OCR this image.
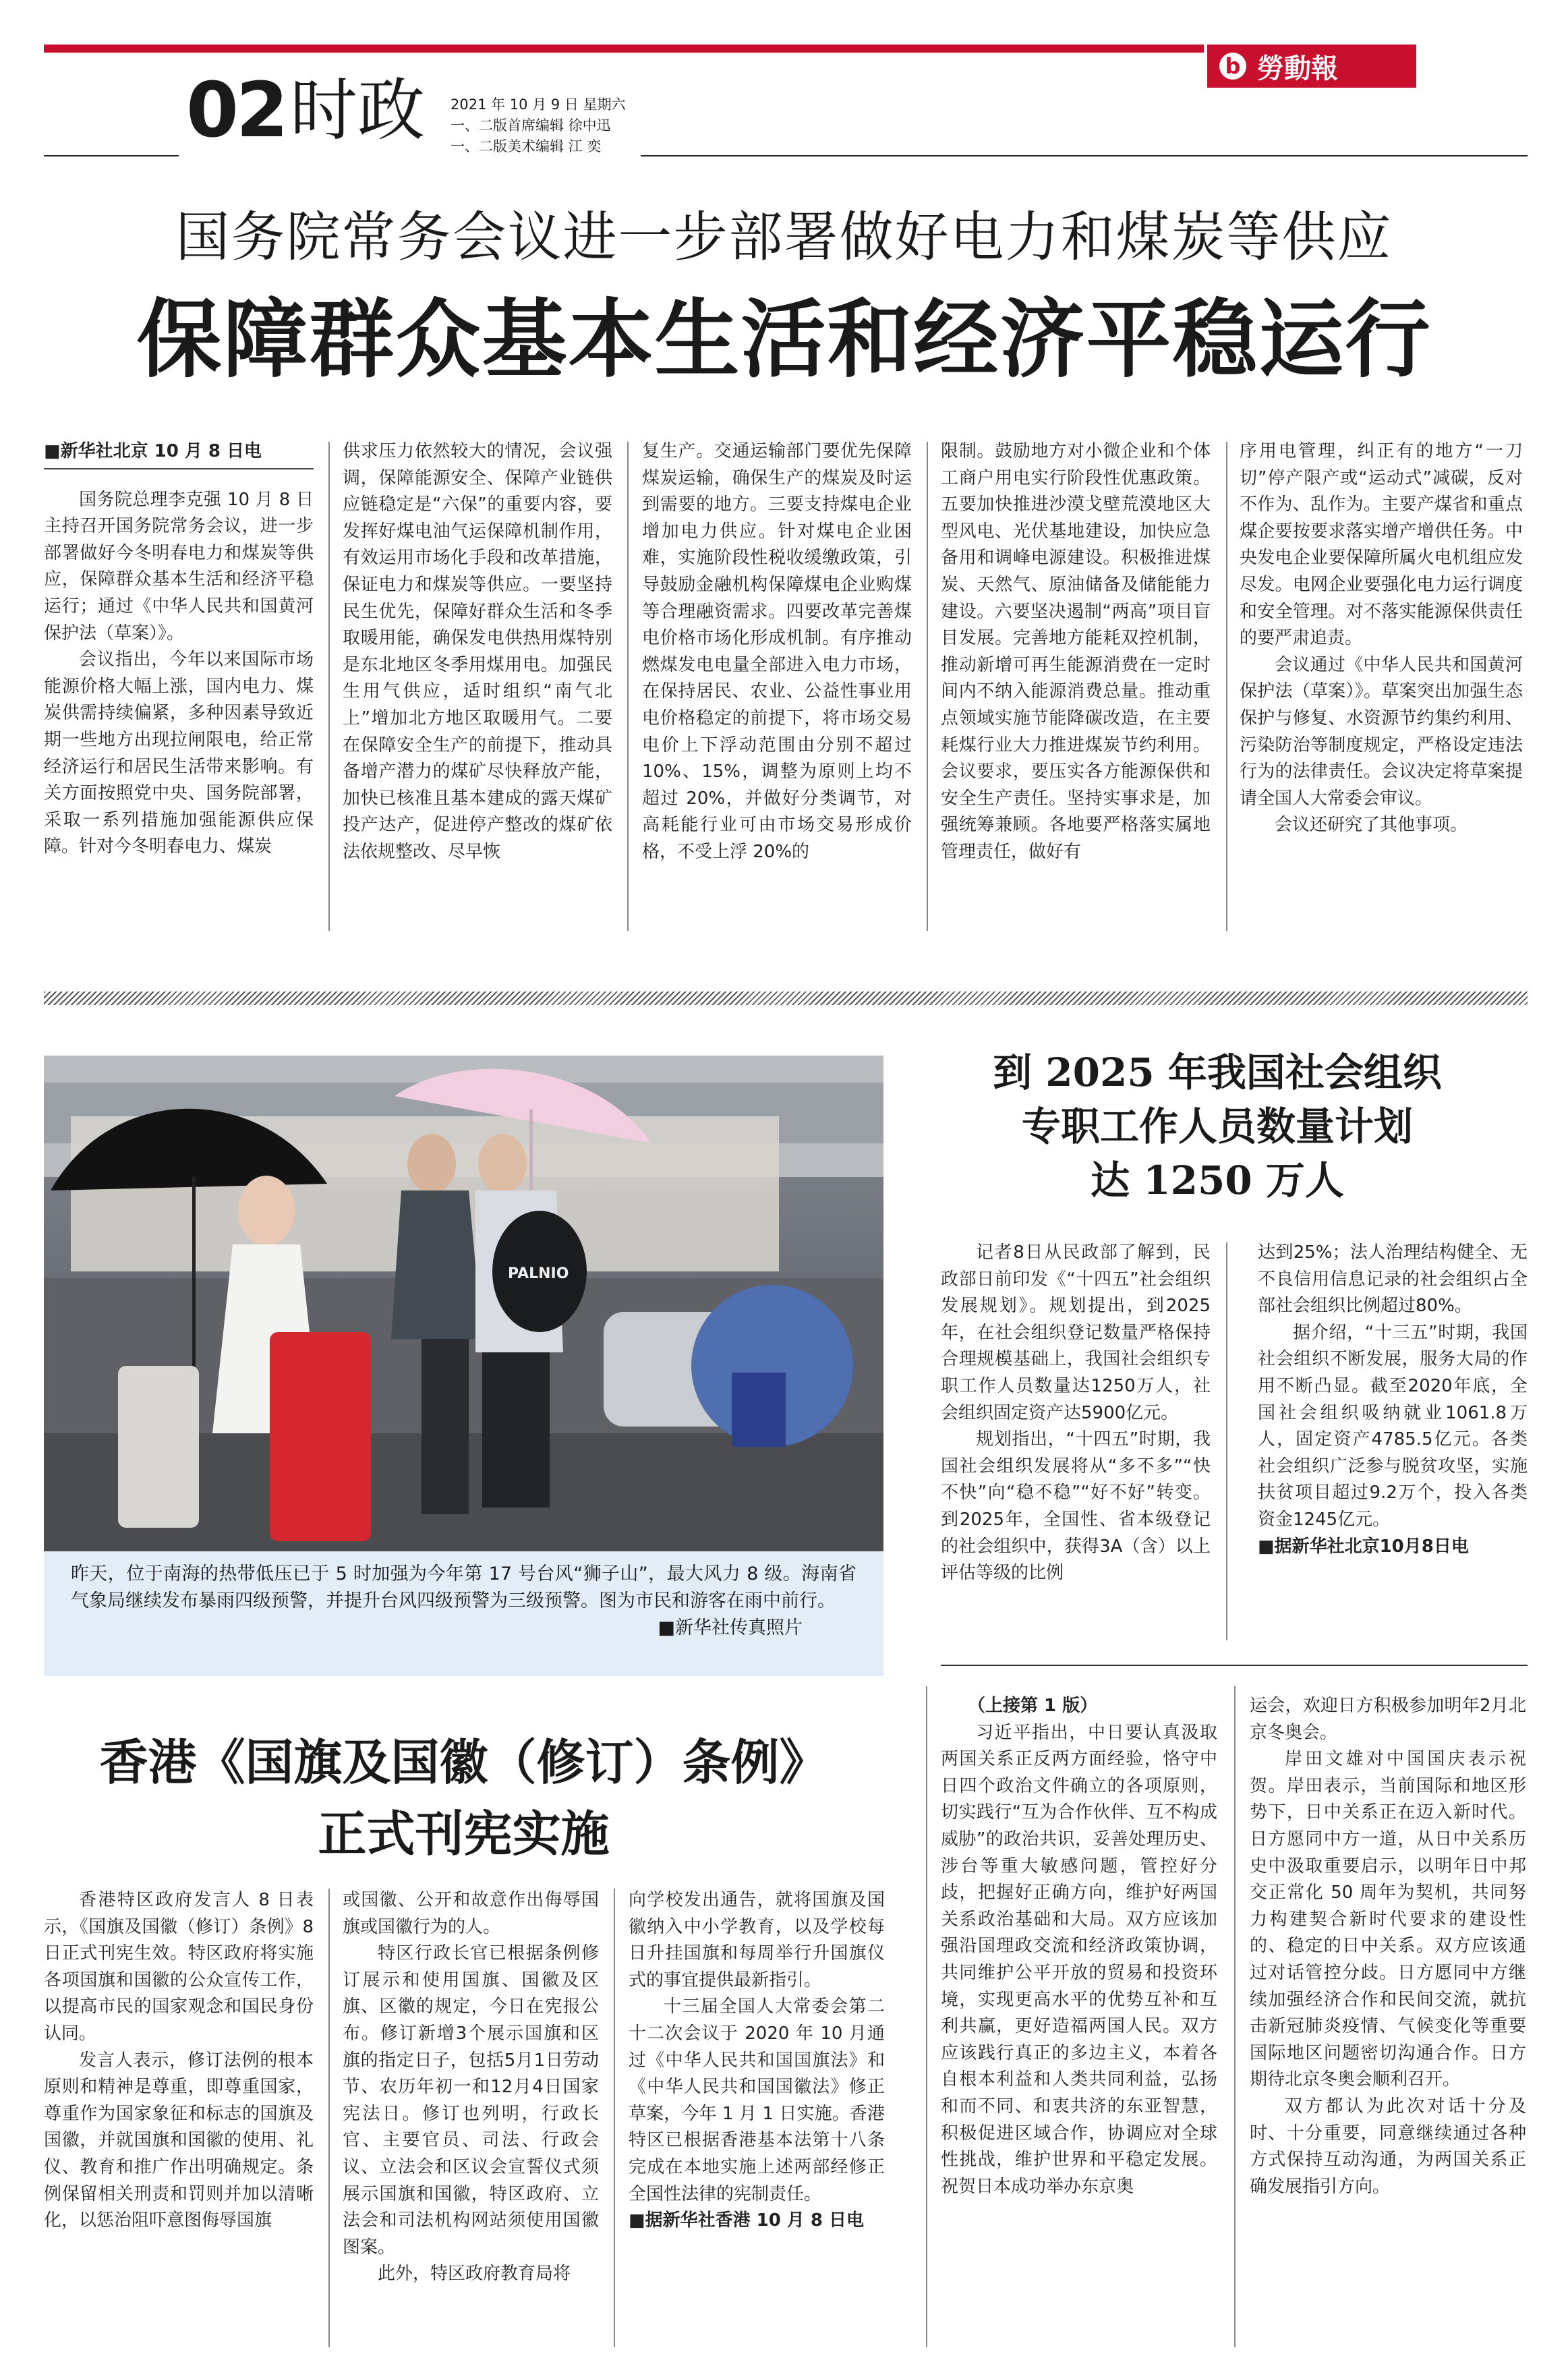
b 勞動報
02 时政 2021 年 10 月 9 日 星期六
一、二版首席编辑 徐中迅
一、二版美术编辑 江 奕
国务院常务会议进一步部署做好电力和煤炭等供应
保障群众基本生活和经济平稳运行

■新华社北京 10 月 8 日电

国务院总理李克强 10 月 8 日主持召开国务院常务会议，进一步部署做好今冬明春电力和煤炭等供应，保障群众基本生活和经济平稳运行；通过《中华人民共和国黄河保护法（草案）》。

会议指出，今年以来国际市场能源价格大幅上涨，国内电力、煤炭供需持续偏紧，多种因素导致近期一些地方出现拉闸限电，给正常经济运行和居民生活带来影响。有关方面按照党中央、国务院部署，采取一系列措施加强能源供应保障。针对今冬明春电力、煤炭

供求压力依然较大的情况，会议强调，保障能源安全、保障产业链供应链稳定是“六保”的重要内容，要发挥好煤电油气运保障机制作用，有效运用市场化手段和改革措施，保证电力和煤炭等供应。一要坚持民生优先，保障好群众生活和冬季取暖用能，确保发电供热用煤特别是东北地区冬季用煤用电。加强民生用气供应，适时组织“南气北上”增加北方地区取暖用气。二要在保障安全生产的前提下，推动具备增产潜力的煤矿尽快释放产能，加快已核准且基本建成的露天煤矿投产达产，促进停产整改的煤矿依法依规整改、尽早恢

复生产。交通运输部门要优先保障煤炭运输，确保生产的煤炭及时运到需要的地方。三要支持煤电企业增加电力供应。针对煤电企业困难，实施阶段性税收缓缴政策，引导鼓励金融机构保障煤电企业购煤等合理融资需求。四要改革完善煤电价格市场化形成机制。有序推动燃煤发电电量全部进入电力市场，在保持居民、农业、公益性事业用电价格稳定的前提下，将市场交易电价上下浮动范围由分别不超过 10%、15%，调整为原则上均不超过 20%，并做好分类调节，对高耗能行业可由市场交易形成价格，不受上浮 20%的

限制。鼓励地方对小微企业和个体工商户用电实行阶段性优惠政策。五要加快推进沙漠戈壁荒漠地区大型风电、光伏基地建设，加快应急备用和调峰电源建设。积极推进煤炭、天然气、原油储备及储能能力建设。六要坚决遏制“两高”项目盲目发展。完善地方能耗双控机制，推动新增可再生能源消费在一定时间内不纳入能源消费总量。推动重点领域实施节能降碳改造，在主要耗煤行业大力推进煤炭节约利用。会议要求，要压实各方能源保供和安全生产责任。坚持实事求是，加强统筹兼顾。各地要严格落实属地管理责任，做好有

序用电管理，纠正有的地方“一刀切”停产限产或“运动式”减碳，反对不作为、乱作为。主要产煤省和重点煤企要按要求落实增产增供任务。中央发电企业要保障所属火电机组应发尽发。电网企业要强化电力运行调度和安全管理。对不落实能源保供责任的要严肃追责。

会议通过《中华人民共和国黄河保护法（草案）》。草案突出加强生态保护与修复、水资源节约集约利用、污染防治等制度规定，严格设定违法行为的法律责任。会议决定将草案提请全国人大常委会审议。

会议还研究了其他事项。

PALNIO
昨天，位于南海的热带低压已于 5 时加强为今年第 17 号台风“狮子山”，最大风力 8 级。海南省气象局继续发布暴雨四级预警，并提升台风四级预警为三级预警。图为市民和游客在雨中前行。
■新华社传真照片
到 2025 年我国社会组织
专职工作人员数量计划
达 1250 万人

记者8日从民政部了解到，民政部日前印发《“十四五”社会组织发展规划》。规划提出，到2025年，在社会组织登记数量严格保持合理规模基础上，我国社会组织专职工作人员数量达1250万人，社会组织固定资产达5900亿元。

规划指出，“十四五”时期，我国社会组织发展将从“多不多”“快不快”向“稳不稳”“好不好”转变。到2025年，全国性、省本级登记的社会组织中，获得3A（含）以上评估等级的比例

达到25%；法人治理结构健全、无不良信用信息记录的社会组织占全部社会组织比例超过80%。

据介绍，“十三五”时期，我国社会组织不断发展，服务大局的作用不断凸显。截至2020年底，全国社会组织吸纳就业1061.8万人，固定资产4785.5亿元。各类社会组织广泛参与脱贫攻坚，实施扶贫项目超过9.2万个，投入各类资金1245亿元。

■据新华社北京10月8日电

香港《国旗及国徽（修订）条例》
正式刊宪实施

香港特区政府发言人 8 日表示，《国旗及国徽（修订）条例》8 日正式刊宪生效。特区政府将实施各项国旗和国徽的公众宣传工作，以提高市民的国家观念和国民身份认同。

发言人表示，修订法例的根本原则和精神是尊重，即尊重国家，尊重作为国家象征和标志的国旗及国徽，并就国旗和国徽的使用、礼仪、教育和推广作出明确规定。条例保留相关刑责和罚则并加以清晰化，以惩治阻吓意图侮辱国旗

或国徽、公开和故意作出侮辱国旗或国徽行为的人。

特区行政长官已根据条例修订展示和使用国旗、国徽及区旗、区徽的规定，今日在宪报公布。修订新增3个展示国旗和区旗的指定日子，包括5月1日劳动节、农历年初一和12月4日国家宪法日。修订也列明，行政长官、主要官员、司法、行政会议、立法会和区议会宣誓仪式须展示国旗和国徽，特区政府、立法会和司法机构网站须使用国徽图案。

此外，特区政府教育局将

向学校发出通告，就将国旗及国徽纳入中小学教育，以及学校每日升挂国旗和每周举行升国旗仪式的事宜提供最新指引。

十三届全国人大常委会第二十二次会议于 2020 年 10 月通过《中华人民共和国国旗法》和《中华人民共和国国徽法》修正草案，今年 1 月 1 日实施。香港特区已根据香港基本法第十八条完成在本地实施上述两部经修正全国性法律的宪制责任。

■据新华社香港 10 月 8 日电

（上接第 1 版）

习近平指出，中日要认真汲取两国关系正反两方面经验，恪守中日四个政治文件确立的各项原则，切实践行“互为合作伙伴、互不构成威胁”的政治共识，妥善处理历史、涉台等重大敏感问题，管控好分歧，把握好正确方向，维护好两国关系政治基础和大局。双方应该加强沿国理政交流和经济政策协调，共同维护公平开放的贸易和投资环境，实现更高水平的优势互补和互利共赢，更好造福两国人民。双方应该践行真正的多边主义，本着各自根本利益和人类共同利益，弘扬和而不同、和衷共济的东亚智慧，积极促进区域合作，协调应对全球性挑战，维护世界和平稳定发展。祝贺日本成功举办东京奥

运会，欢迎日方积极参加明年2月北京冬奥会。

岸田文雄对中国国庆表示祝贺。岸田表示，当前国际和地区形势下，日中关系正在迈入新时代。日方愿同中方一道，从日中关系历史中汲取重要启示，以明年日中邦交正常化 50 周年为契机，共同努力构建契合新时代要求的建设性的、稳定的日中关系。双方应该通过对话管控分歧。日方愿同中方继续加强经济合作和民间交流，就抗击新冠肺炎疫情、气候变化等重要国际地区问题密切沟通合作。日方期待北京冬奥会顺利召开。

双方都认为此次对话十分及时、十分重要，同意继续通过各种方式保持互动沟通，为两国关系正确发展指引方向。
